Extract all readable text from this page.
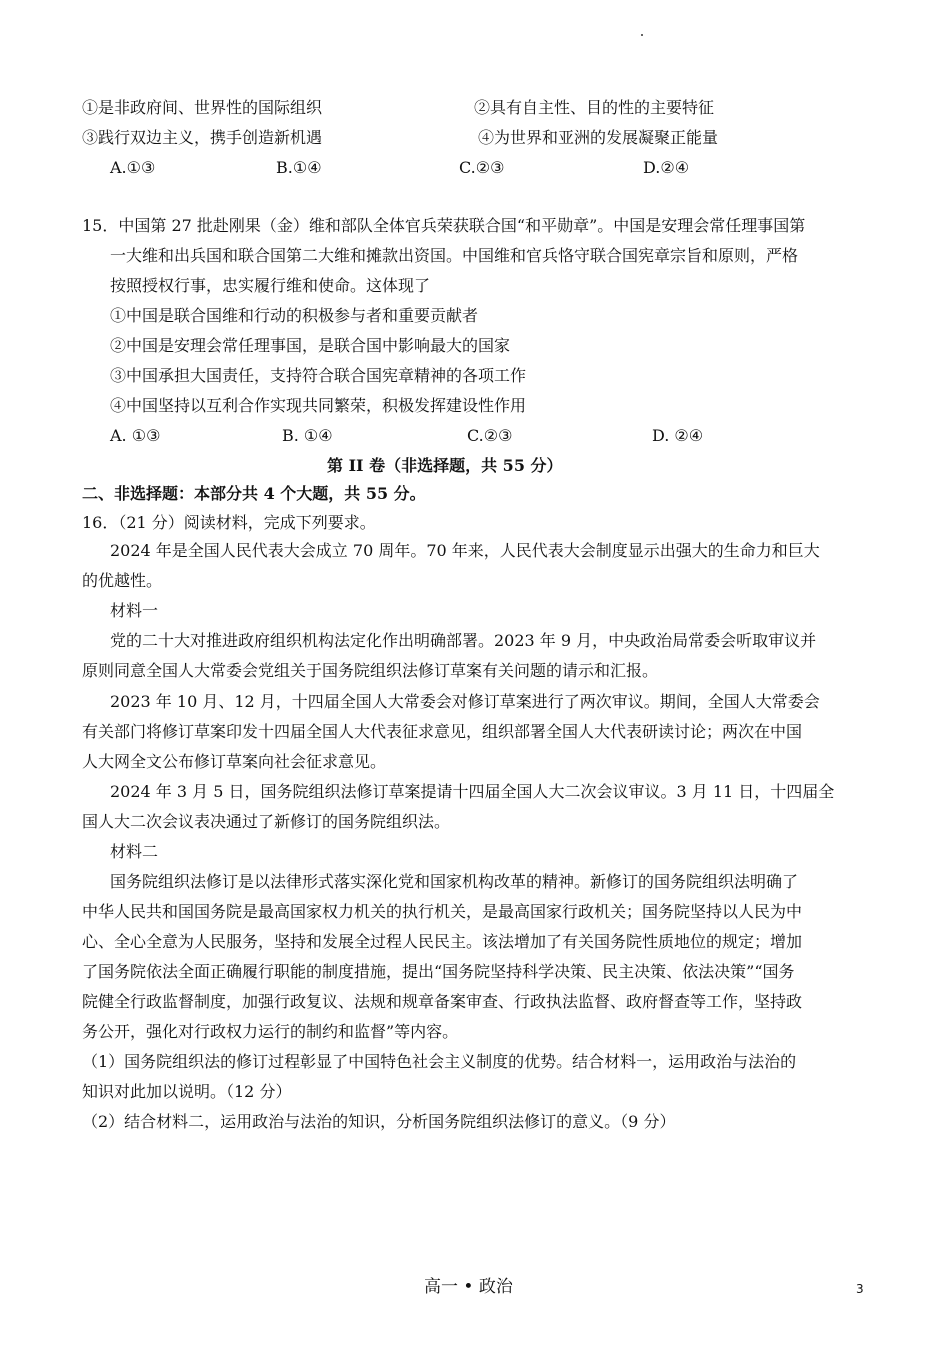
①是非政府间、世界性的国际组织	②具有自主性、目的性的主要特征
③践行双边主义，携手创造新机遇	④为世界和亚洲的发展凝聚正能量
A.①③	B.①④	C.②③	D.②④
15．中国第 27 批赴刚果（金）维和部队全体官兵荣获联合国“和平勋章”。中国是安理会常任理事国第
一大维和出兵国和联合国第二大维和摊款出资国。中国维和官兵恪守联合国宪章宗旨和原则，严格
按照授权行事，忠实履行维和使命。这体现了
①中国是联合国维和行动的积极参与者和重要贡献者
②中国是安理会常任理事国，是联合国中影响最大的国家
③中国承担大国责任，支持符合联合国宪章精神的各项工作
④中国坚持以互利合作实现共同繁荣，积极发挥建设性作用
A. ①③	B. ①④	C.②③	D. ②④
第 II 卷（非选择题，共 55 分）
二、非选择题：本部分共 4 个大题，共 55 分。
16．（21 分）阅读材料，完成下列要求。
2024 年是全国人民代表大会成立 70 周年。70 年来，人民代表大会制度显示出强大的生命力和巨大
的优越性。
材料一
党的二十大对推进政府组织机构法定化作出明确部署。2023 年 9 月，中央政治局常委会听取审议并
原则同意全国人大常委会党组关于国务院组织法修订草案有关问题的请示和汇报。
2023 年 10 月、12 月，十四届全国人大常委会对修订草案进行了两次审议。期间，全国人大常委会
有关部门将修订草案印发十四届全国人大代表征求意见，组织部署全国人大代表研读讨论；两次在中国
人大网全文公布修订草案向社会征求意见。
2024 年 3 月 5 日，国务院组织法修订草案提请十四届全国人大二次会议审议。3 月 11 日，十四届全
国人大二次会议表决通过了新修订的国务院组织法。
材料二
国务院组织法修订是以法律形式落实深化党和国家机构改革的精神。新修订的国务院组织法明确了
中华人民共和国国务院是最高国家权力机关的执行机关，是最高国家行政机关；国务院坚持以人民为中
心、全心全意为人民服务，坚持和发展全过程人民民主。该法增加了有关国务院性质地位的规定；增加
了国务院依法全面正确履行职能的制度措施，提出“国务院坚持科学决策、民主决策、依法决策”“国务
院健全行政监督制度，加强行政复议、法规和规章备案审查、行政执法监督、政府督查等工作，坚持政
务公开，强化对行政权力运行的制约和监督”等内容。
（1）国务院组织法的修订过程彰显了中国特色社会主义制度的优势。结合材料一，运用政治与法治的
知识对此加以说明。（12 分）
（2）结合材料二，运用政治与法治的知识，分析国务院组织法修订的意义。（9 分）
高一 • 政治	3
